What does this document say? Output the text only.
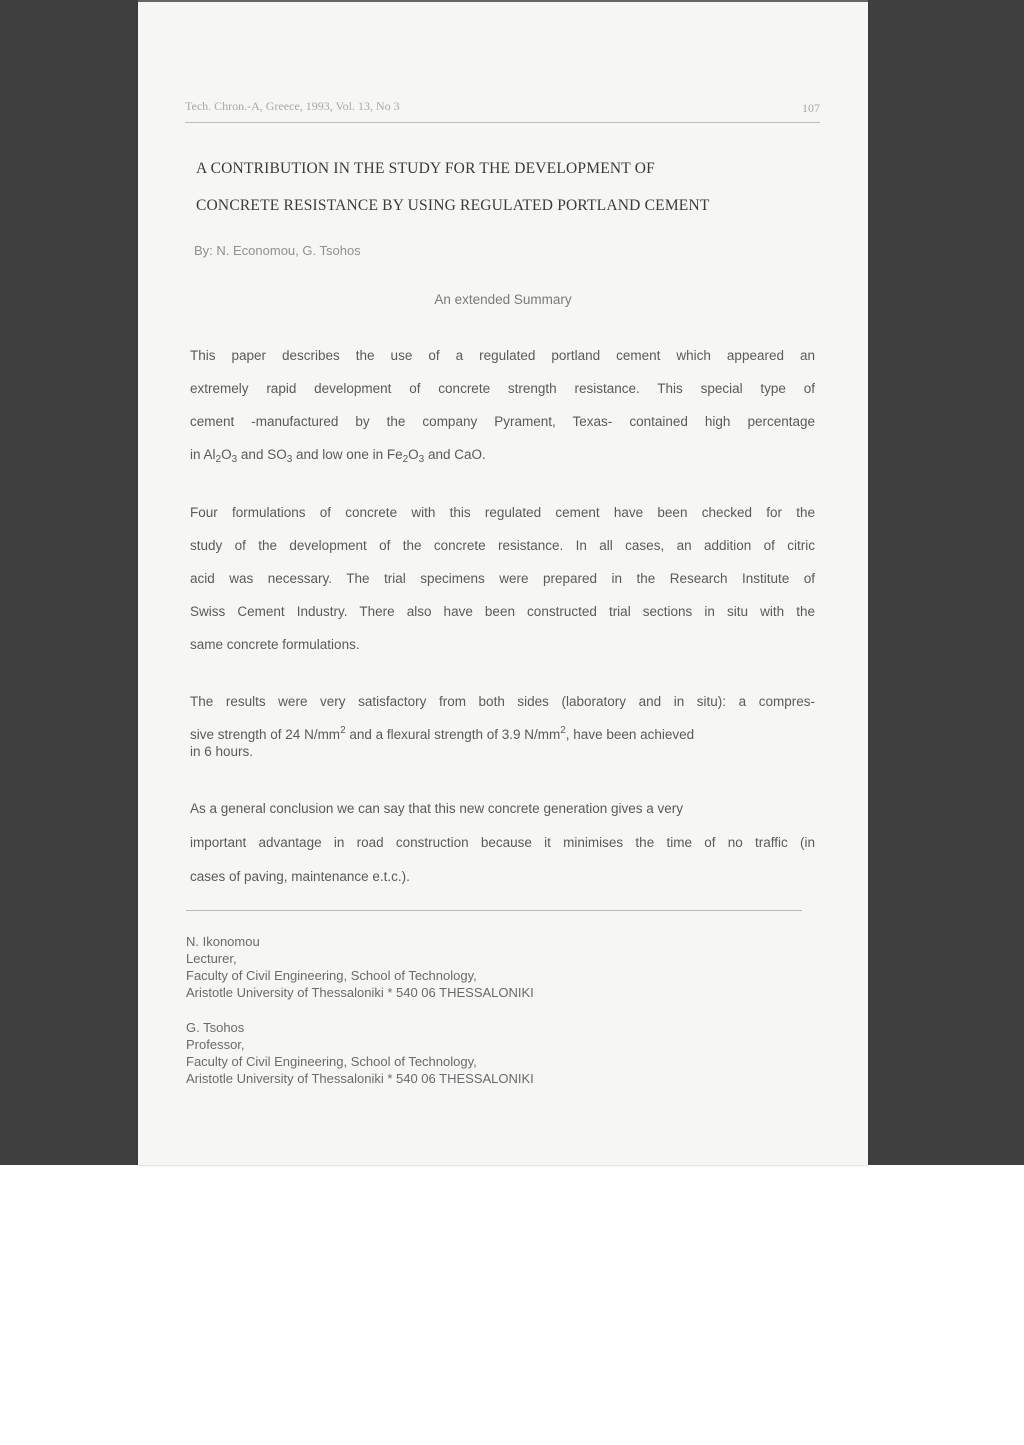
Tech. Chron.-A, Greece, 1993, Vol. 13, No 3	107
A CONTRIBUTION IN THE STUDY FOR THE DEVELOPMENT OF
CONCRETE RESISTANCE BY USING REGULATED PORTLAND CEMENT
By: N. Economou, G. Tsohos
An extended Summary
This paper describes the use of a regulated portland cement which appeared an
extremely rapid development of concrete strength resistance. This special type of
cement -manufactured by the company Pyrament, Texas- contained high percentage
in $Al_2O_3$ and $SO_3$ and low one in $Fe_2O_3$ and CaO.
Four formulations of concrete with this regulated cement have been checked for the
study of the development of the concrete resistance. In all cases, an addition of citric
acid was necessary. The trial specimens were prepared in the Research Institute of
Swiss Cement Industry. There also have been constructed trial sections in situ with the
same concrete formulations.
The results were very satisfactory from both sides (laboratory and in situ): a compres-
sive strength of 24 $N/mm^2$ and a flexural strength of 3.9 $N/mm^2$, have been achieved
in 6 hours.
As a general conclusion we can say that this new concrete generation gives a very
important advantage in road construction because it minimises the time of no traffic (in
cases of paving, maintenance e.t.c.).
N. Ikonomou
Lecturer,
Faculty of Civil Engineering, School of Technology,
Aristotle University of Thessaloniki * 540 06 THESSALONIKI
G. Tsohos
Professor,
Faculty of Civil Engineering, School of Technology,
Aristotle University of Thessaloniki * 540 06 THESSALONIKI
